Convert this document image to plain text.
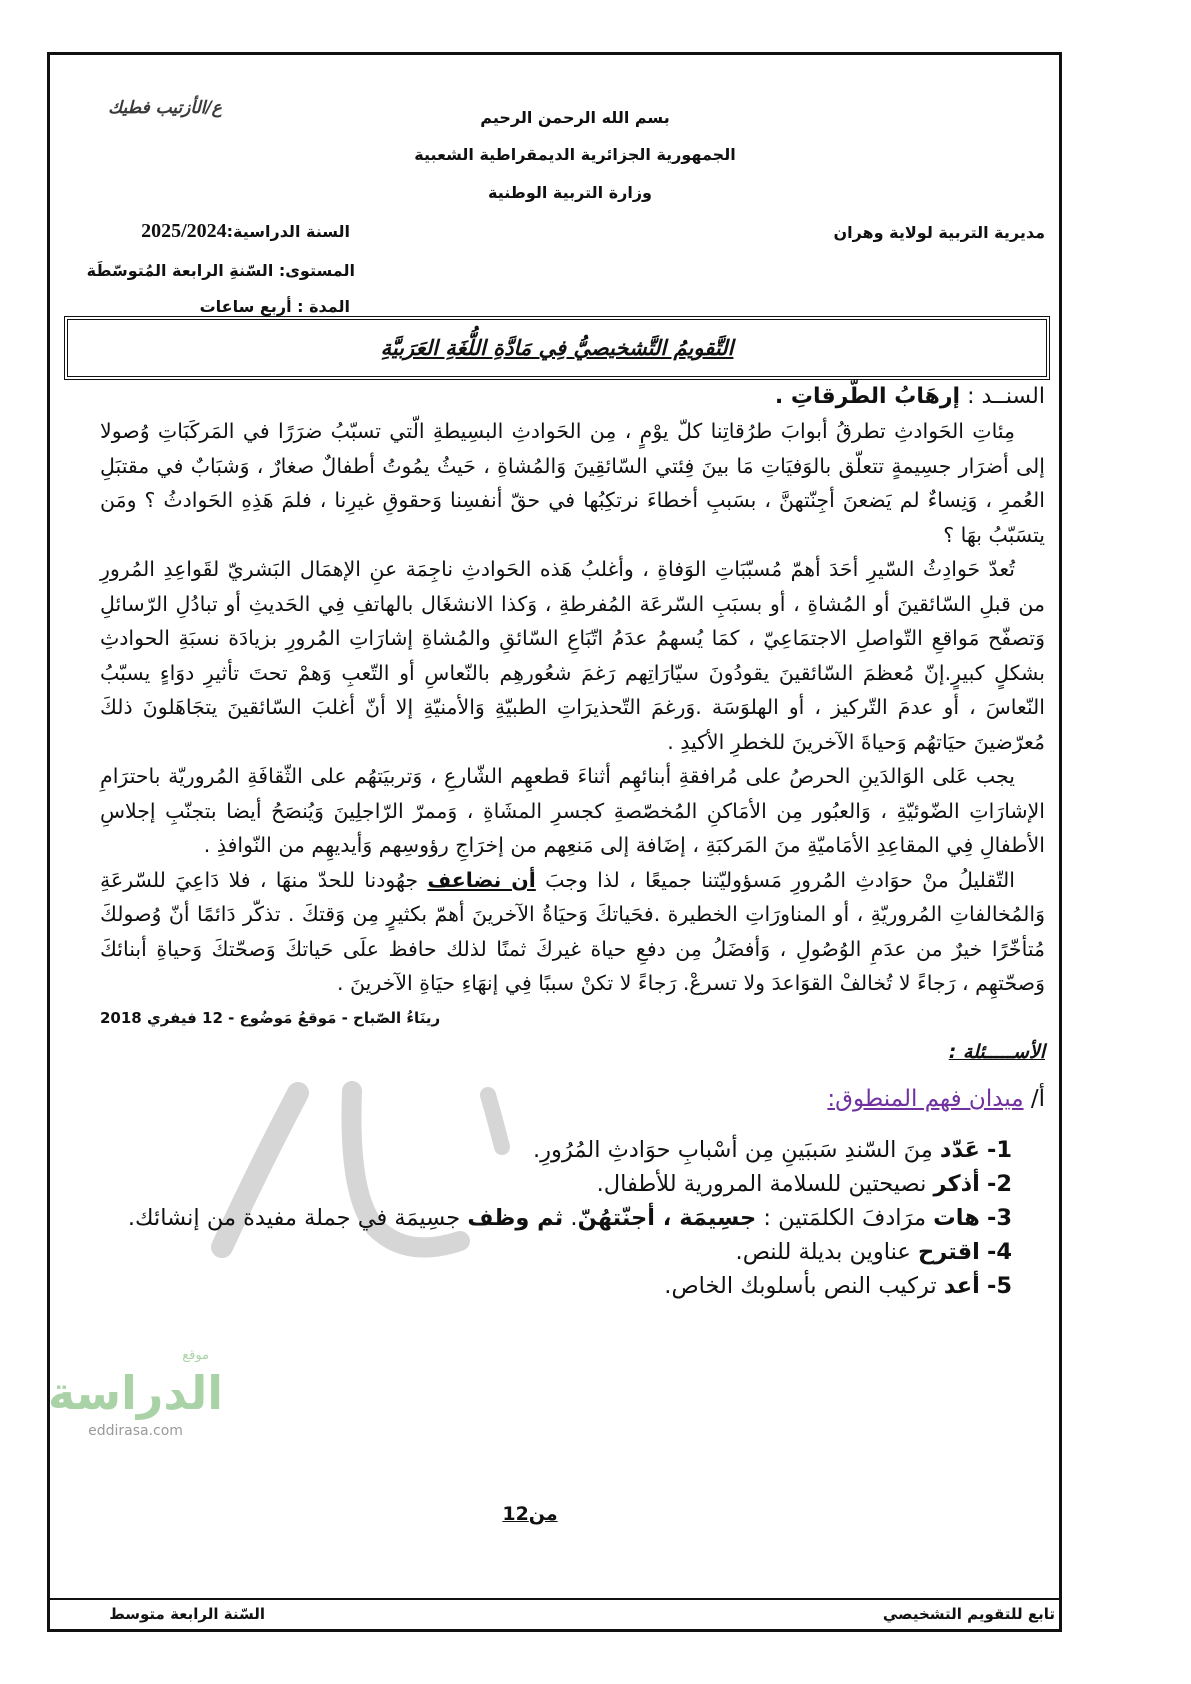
بسم الله الرحمن الرحيم
الجمهورية الجزائرية الديمقراطية الشعبية
وزارة التربية الوطنية
ع/الأزتيب فطيك
مديرية التربية لولاية وهران
السنة الدراسية:2025/2024
المستوى: السّنةِ الرابعة المُتوسّطَة
المدة : أربع ساعات
التَّقويمُ التَّشخيصيُّ فِي مَادَّةِ اللُّغَةِ العَرَبيَّةِ
السنــد : إرهَابُ الطّرقاتِ .

مِئاتِ الحَوادثِ تطرقُ أبوابَ طرُقاتِنا كلّ يوْمٍ ، مِن الحَوادثِ البسِيطةِ الّتي تسبّبُ ضرَرًا في المَركَبَاتِ وُصولا إلى أضرَار جسِيمةٍ تتعلّق بالوَفيَاتِ مَا بينَ فِئتي السّائقِينَ وَالمُشاةِ ، حَيثُ يمُوتُ أطفالٌ صغارٌ ، وَشبَابٌ في مقتبَلِ العُمرِ ، وَنِساءٌ لم يَضعنَ أجِنّتهنَّ ، بسَببِ أخطاءَ نرتكِبُها في حقّ أنفسِنا وَحقوقِ غيرِنا ، فلمَ هَذِهِ الحَوادثُ ؟ ومَن يتسَبّبُ بهَا ؟

تُعدّ حَوادِثُ السّيرِ أحَدَ أهمّ مُسبّبَاتِ الوَفاةِ ، وأغلبُ هَذه الحَوادثِ ناجِمَة عنِ الإهمَال البَشريّ لقَواعِدِ المُرورِ من قبلِ السّائقينَ أو المُشاةِ ، أو بسبَبِ السّرعَة المُفرطةِ ، وَكذا الانشغَال بالهاتفِ فِي الحَديثِ أو تبادُلِ الرّسائلِ وَتصفّح مَواقعِ التّواصلِ الاجتمَاعِيّ ، كمَا يُسهمُ عدَمُ اتّبَاعِ السّائقِ والمُشاةِ إشارَاتِ المُرورِ بزيادَة نسبَةِ الحوادثِ بشكلٍ كبيرٍ.إنّ مُعظمَ السّائقينَ يقودُونَ سيّارَاتِهم رَغمَ شعُورهِم بالنّعاسِ أو التّعبِ وَهمْ تحتَ تأثيرِ دوَاءٍ يسبّبُ النّعاسَ ، أو عدمَ التّركيز ، أو الهلوَسَة .وَرغمَ التّحذيرَاتِ الطبيّةِ وَالأمنيّةِ إلا أنّ أغلبَ السّائقينَ يتجَاهَلونَ ذلكَ مُعرّضينَ حيَاتهُم وَحياةَ الآخرينَ للخطرِ الأكيدِ .

يجب عَلى الوَالدَينِ الحرصُ على مُرافقةِ أبنائهِم أثناءَ قطعهِم الشّارعِ ، وَتربيَتهُم على الثّقافَةِ المُروريّة باحترَامِ الإشارَاتِ الضّوئيّةِ ، وَالعبُور مِن الأمَاكنِ المُخصّصةِ كجسرِ المشَاةِ ، وَممرّ الرّاجلِينَ وَيُنصَحُ أيضا بتجنّبِ إجلاسِ الأطفالِ فِي المقاعِدِ الأمَاميّةِ منَ المَركبَةِ ، إضَافة إلى مَنعِهم من إخرَاجِ رؤوسِهم وَأيديهِم من النّوافذِ .

التّقليلُ منْ حوَادثِ المُرورِ مَسؤوليّتنا جميعًا ، لذا وجبَ أن نضاعف جهُودنا للحدّ منهَا ، فلا دَاعِيَ للسّرعَةِ وَالمُخالفاتِ المُروريّةِ ، أو المناورَاتِ الخطيرة .فحَياتكَ وَحيَاةُ الآخرينَ أهمّ بكثيرٍ مِن وَقتكَ . تذكّر دَائمًا أنّ وُصولكَ مُتأخّرًا خيرٌ من عدَمِ الوُصُولِ ، وَأفضَلُ مِن دفعِ حياة غيركَ ثمنًا لذلك حافظ علَى حَياتكَ وَصحّتكَ وَحياةِ أبنائكَ وَصحّتهِم ، رَجاءً لا تُخالفْ القوَاعدَ ولا تسرعْ. رَجاءً لا تكنْ سببًا فِي إنهَاءِ حيَاةِ الآخرينَ .
رينَاءُ الصّباح - مَوقعُ مَوضُوع - 12 فيفري 2018

الأســـــئلة :
أ/ ميدان فهم المنطوق:
1- عَدّد مِنَ السّندِ سَببَينِ مِن أسْبابِ حوَادثِ المُرُورِ.
2- أذكر نصيحتين للسلامة المرورية للأطفال.
3- هات مرَادفَ الكلمَتين : جسِيمَة ، أجنّتهُنّ. ثم وظف جسِيمَة في جملة مفيدة من إنشائك.
4- اقترح عناوين بديلة للنص.
5- أعد تركيب النص بأسلوبك الخاص.
موقع
الدراسة
eddirasa.com
1من2
تابع للتقويم التشخيصي
السّنة الرابعة متوسط
